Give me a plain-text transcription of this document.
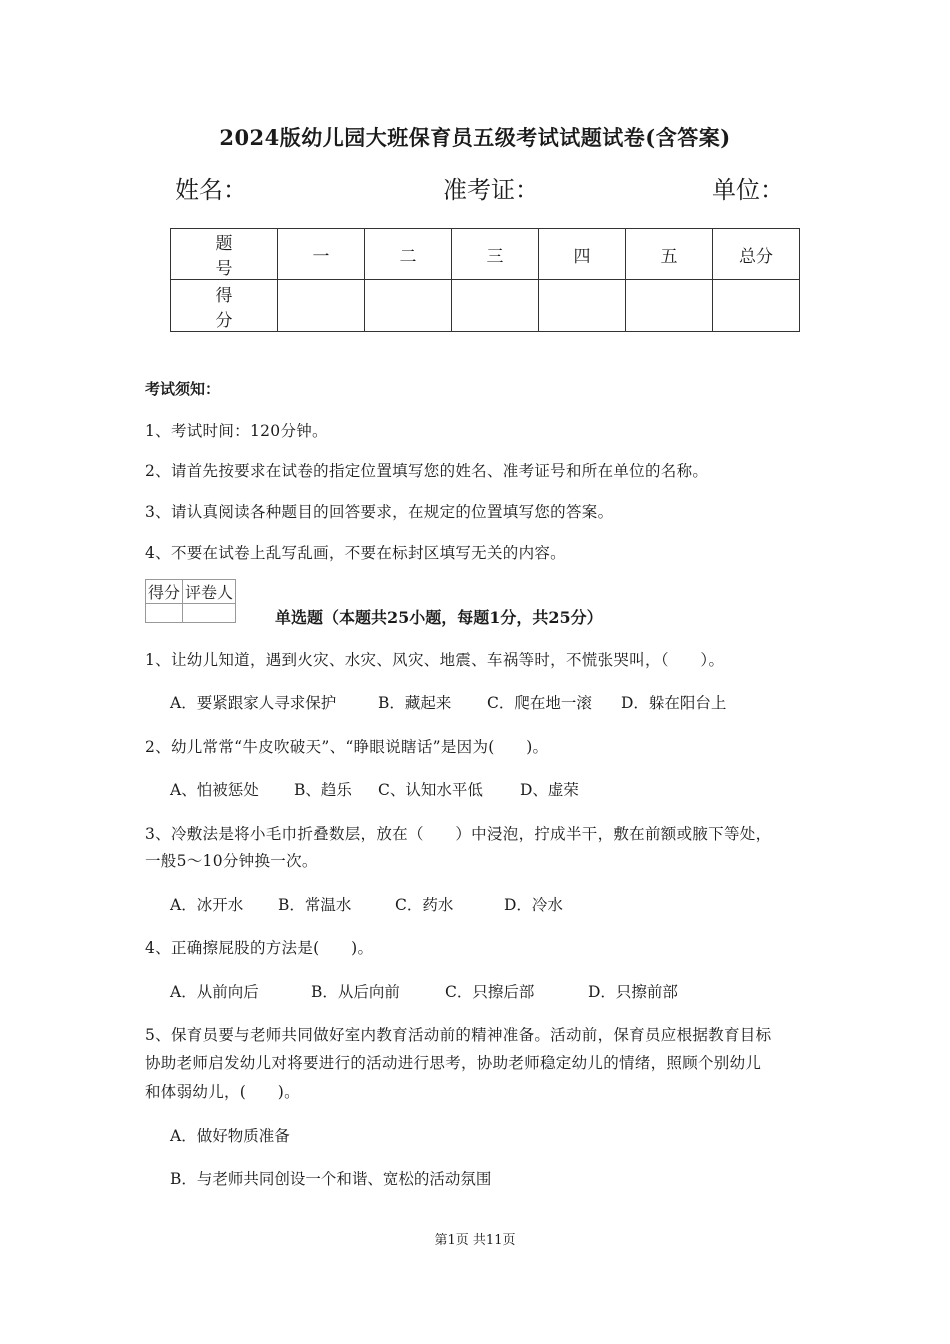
2024版幼儿园大班保育员五级考试试题试卷(含答案)
姓名：	准考证：	单位：
题 号	一	二	三	四	五	总分
得 分						
考试须知：
1、考试时间：120分钟。
2、请首先按要求在试卷的指定位置填写您的姓名、准考证号和所在单位的名称。
3、请认真阅读各种题目的回答要求，在规定的位置填写您的答案。
4、不要在试卷上乱写乱画，不要在标封区填写无关的内容。
得分	评卷人

单选题（本题共25小题，每题1分，共25分）
1、让幼儿知道，遇到火灾、水灾、风灾、地震、车祸等时，不慌张哭叫，（　　）。
A．要紧跟家人寻求保护	B．藏起来 C．爬在地一滚 D．躲在阳台上
2、幼儿常常“牛皮吹破天”、“睁眼说瞎话”是因为(　　)。
A、怕被惩处 B、趋乐 C、认知水平低 D、虚荣
3、冷敷法是将小毛巾折叠数层，放在（　　）中浸泡，拧成半干，敷在前额或腋下等处，
一般5～10分钟换一次。
A．冰开水 B．常温水	C．药水	D．冷水
4、正确擦屁股的方法是(　　)。
A．从前向后	B．从后向前	C．只擦后部	D．只擦前部
5、保育员要与老师共同做好室内教育活动前的精神准备。活动前，保育员应根据教育目标
协助老师启发幼儿对将要进行的活动进行思考，协助老师稳定幼儿的情绪，照顾个别幼儿
和体弱幼儿，(　　)。
A．做好物质准备
B．与老师共同创设一个和谐、宽松的活动氛围
第1页 共11页
